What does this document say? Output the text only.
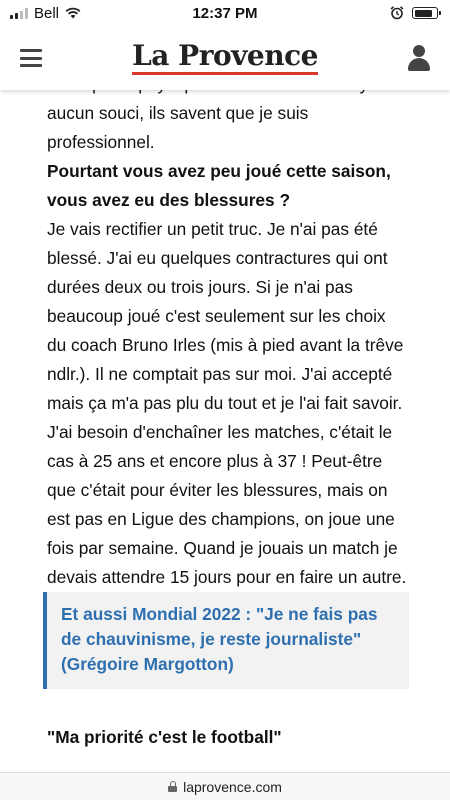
Bell	12:37 PM
La Provence

aucun souci, ils savent que je suis professionnel.

Pourtant vous avez peu joué cette saison, vous avez eu des blessures ?

Je vais rectifier un petit truc. Je n'ai pas été blessé. J'ai eu quelques contractures qui ont durées deux ou trois jours. Si je n'ai pas beaucoup joué c'est seulement sur les choix du coach Bruno Irles (mis à pied avant la trêve ndlr.). Il ne comptait pas sur moi. J'ai accepté mais ça m'a pas plu du tout et je l'ai fait savoir. J'ai besoin d'enchaîner les matches, c'était le cas à 25 ans et encore plus à 37 ! Peut-être que c'était pour éviter les blessures, mais on est pas en Ligue des champions, on joue une fois par semaine. Quand je jouais un match je devais attendre 15 jours pour en faire un autre.

Et aussi Mondial 2022 : "Je ne fais pas de chauvinisme, je reste journaliste" (Grégoire Margotton)

"Ma priorité c'est le football"

laprovence.com
